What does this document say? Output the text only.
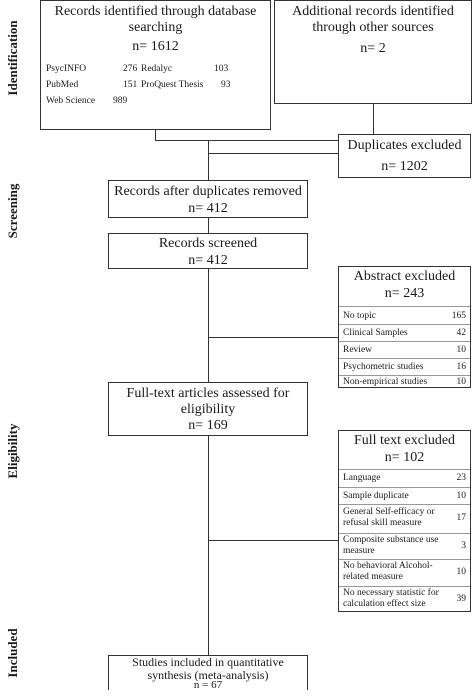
Identification
Screening
Eligibility
Included
Records identified through database searching
n= 1612
PsycINFO	276 Redalyc	103
PubMed	151 ProQuest Thesis 93
Web Science 989
Additional records identified through other sources
n= 2
Duplicates excluded
n= 1202
Records after duplicates removed
n= 412
Records screened
n= 412
Abstract excluded
n= 243
No topic	165
Clinical Samples	42
Review	10
Psychometric studies	16
Non-empirical studies	10
Full-text articles assessed for
eligibility
n= 169
Full text excluded
n= 102
Language	23
Sample duplicate	10
General Self-efficacy or
refusal skill measure	17
Composite substance use
measure	3
No behavioral Alcohol-
related measure	10
No necessary statistic for
calculation effect size	39
Studies included in quantitative
synthesis (meta-analysis)
n = 67
